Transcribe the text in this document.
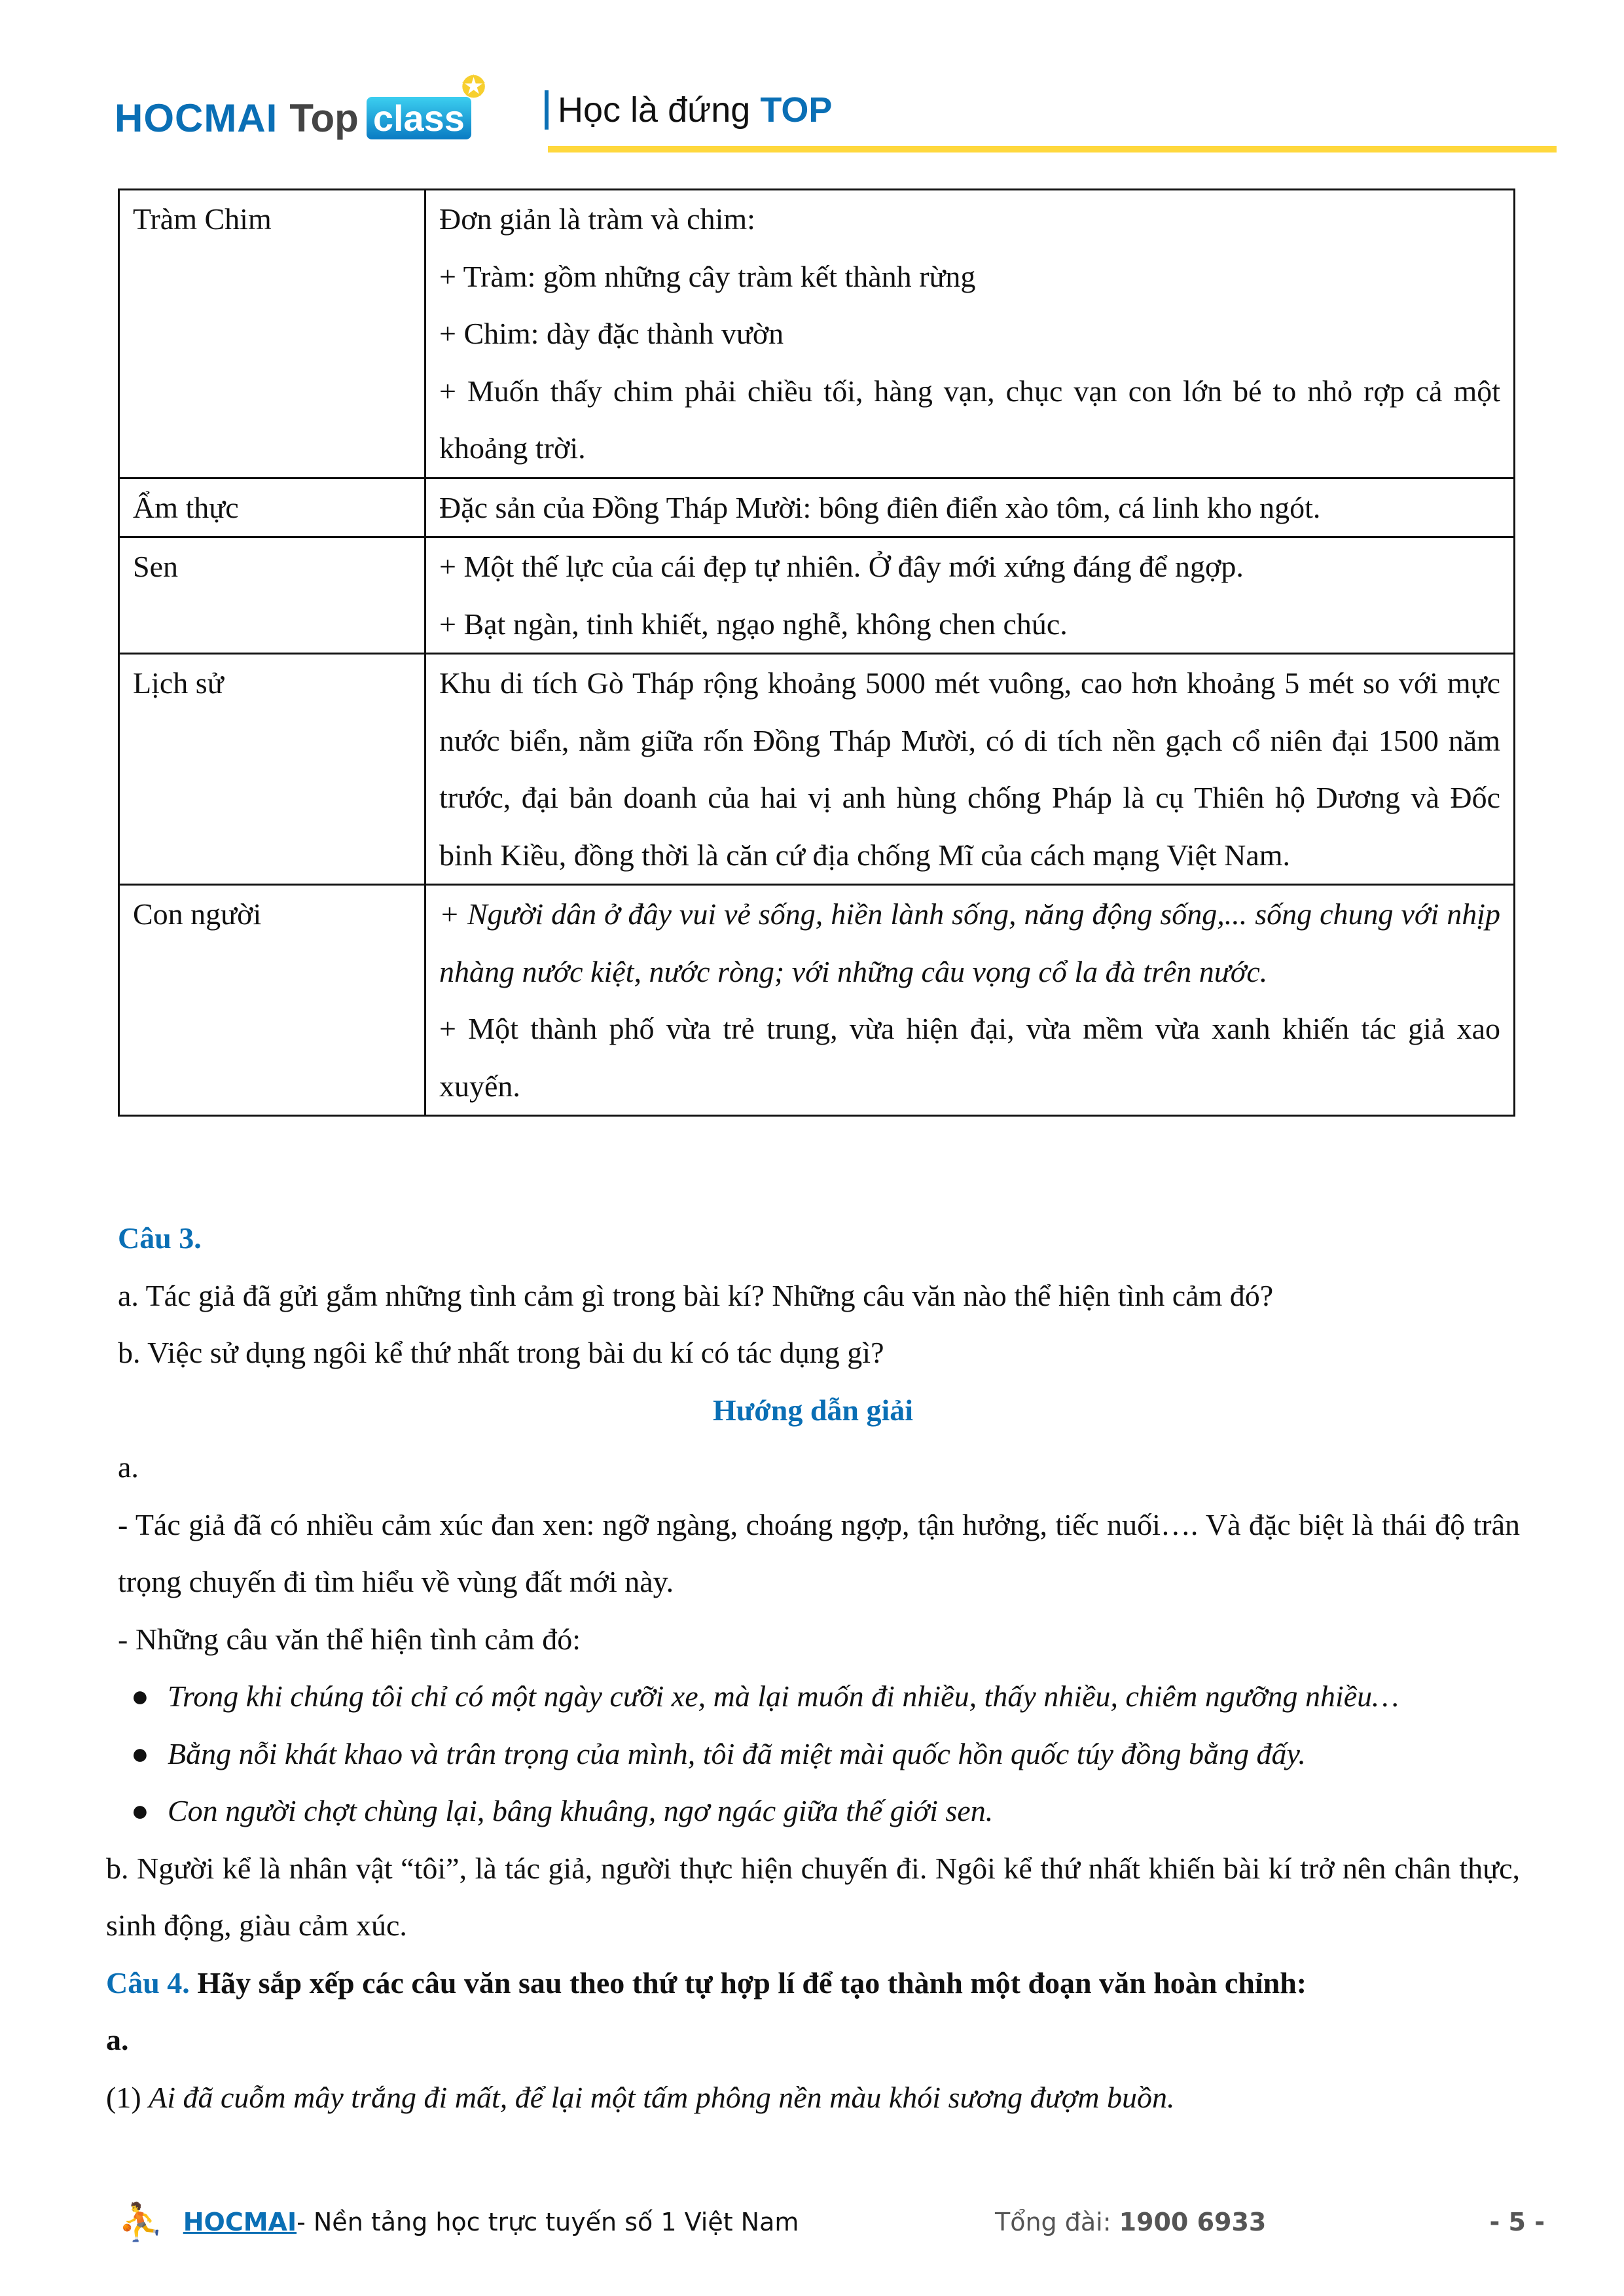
HOCMAI Top class
✪
Học là đứng TOP
Tràm Chim	Đơn giản là tràm và chim:
+ Tràm: gồm những cây tràm kết thành rừng
+ Chim: dày đặc thành vườn
+ Muốn thấy chim phải chiều tối, hàng vạn, chục vạn con lớn bé to nhỏ rợp cả một khoảng trời.

Ẩm thực	Đặc sản của Đồng Tháp Mười: bông điên điển xào tôm, cá linh kho ngót.

Sen	+ Một thế lực của cái đẹp tự nhiên. Ở đây mới xứng đáng để ngợp.
+ Bạt ngàn, tinh khiết, ngạo nghễ, không chen chúc.

Lịch sử	Khu di tích Gò Tháp rộng khoảng 5000 mét vuông, cao hơn khoảng 5 mét so với mực nước biển, nằm giữa rốn Đồng Tháp Mười, có di tích nền gạch cổ niên đại 1500 năm trước, đại bản doanh của hai vị anh hùng chống Pháp là cụ Thiên hộ Dương và Đốc binh Kiều, đồng thời là căn cứ địa chống Mĩ của cách mạng Việt Nam.

Con người	+ Người dân ở đây vui vẻ sống, hiền lành sống, năng động sống,... sống chung với nhịp nhàng nước kiệt, nước ròng; với những câu vọng cổ la đà trên nước.
+ Một thành phố vừa trẻ trung, vừa hiện đại, vừa mềm vừa xanh khiến tác giả xao xuyến.
Câu 3.
a. Tác giả đã gửi gắm những tình cảm gì trong bài kí? Những câu văn nào thể hiện tình cảm đó?
b. Việc sử dụng ngôi kể thứ nhất trong bài du kí có tác dụng gì?
Hướng dẫn giải
a.
- Tác giả đã có nhiều cảm xúc đan xen: ngỡ ngàng, choáng ngợp, tận hưởng, tiếc nuối…. Và đặc biệt là thái độ trân trọng chuyến đi tìm hiểu về vùng đất mới này.
- Những câu văn thể hiện tình cảm đó:
● Trong khi chúng tôi chỉ có một ngày cưỡi xe, mà lại muốn đi nhiều, thấy nhiều, chiêm ngưỡng nhiều…
● Bằng nỗi khát khao và trân trọng của mình, tôi đã miệt mài quốc hồn quốc túy đồng bằng đấy.
● Con người chợt chùng lại, bâng khuâng, ngơ ngác giữa thế giới sen.
b. Người kể là nhân vật “tôi”, là tác giả, người thực hiện chuyến đi. Ngôi kể thứ nhất khiến bài kí trở nên chân thực, sinh động, giàu cảm xúc.
Câu 4. Hãy sắp xếp các câu văn sau theo thứ tự hợp lí để tạo thành một đoạn văn hoàn chỉnh:
a.
(1) Ai đã cuỗm mây trắng đi mất, để lại một tấm phông nền màu khói sương đượm buồn.
⛹ HOCMAI - Nền tảng học trực tuyến số 1 Việt Nam	Tổng đài: 1900 6933	- 5 -
